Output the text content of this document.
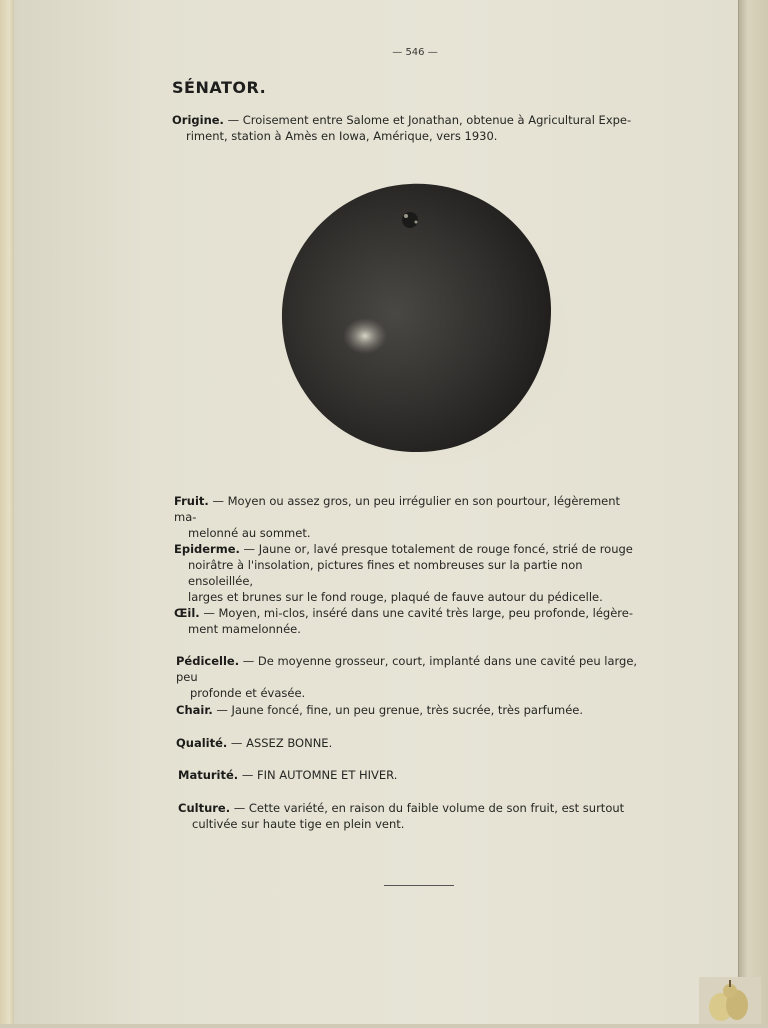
— 546 —
SÉNATOR.
Origine. — Croisement entre Salome et Jonathan, obtenue à Agricultural Expe-
riment, station à Amès en Iowa, Amérique, vers 1930.
Fruit. — Moyen ou assez gros, un peu irrégulier en son pourtour, légèrement ma-
melonné au sommet.
Epiderme. — Jaune or, lavé presque totalement de rouge foncé, strié de rouge
noirâtre à l'insolation, pictures fines et nombreuses sur la partie non ensoleillée,
larges et brunes sur le fond rouge, plaqué de fauve autour du pédicelle.
Œil. — Moyen, mi-clos, inséré dans une cavité très large, peu profonde, légère-
ment mamelonnée.
Pédicelle. — De moyenne grosseur, court, implanté dans une cavité peu large, peu
profonde et évasée.
Chair. — Jaune foncé, fine, un peu grenue, très sucrée, très parfumée.
Qualité. — ASSEZ BONNE.
Maturité. — FIN AUTOMNE ET HIVER.
Culture. — Cette variété, en raison du faible volume de son fruit, est surtout
cultivée sur haute tige en plein vent.
